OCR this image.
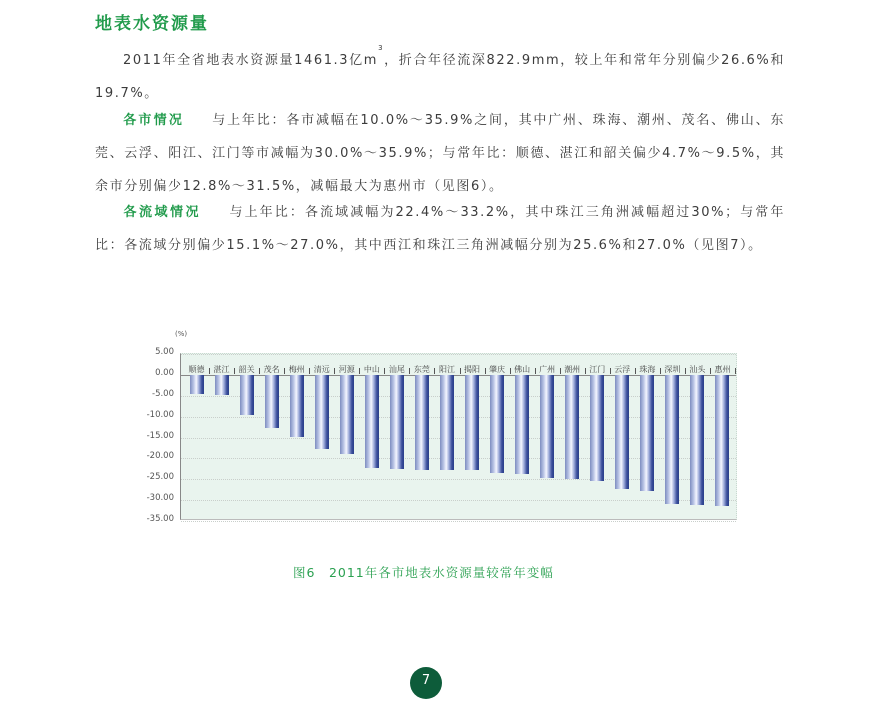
地表水资源量
2011年全省地表水资源量1461.3亿$m^3$，折合年径流深822.9mm，较上年和常年分别偏少26.6%和19.7%。
各市情况 与上年比：各市减幅在10.0%～35.9%之间，其中广州、珠海、潮州、茂名、佛山、东莞、云浮、阳江、江门等市减幅为30.0%～35.9%；与常年比：顺德、湛江和韶关偏少4.7%～9.5%，其余市分别偏少12.8%～31.5%，减幅最大为惠州市（见图6）。
各流域情况 与上年比：各流域减幅为22.4%～33.2%，其中珠江三角洲减幅超过30%；与常年比：各流域分别偏少15.1%～27.0%，其中西江和珠江三角洲减幅分别为25.6%和27.0%（见图7）。
(%)
5.00
0.00
-5.00
-10.00
-15.00
-20.00
-25.00
-30.00
-35.00
顺德	湛江	韶关	茂名	梅州	清远	河源	中山	汕尾	东莞	阳江	揭阳	肇庆	佛山	广州	潮州	江门	云浮	珠海	深圳	汕头	惠州
图6　2011年各市地表水资源量较常年变幅
7
